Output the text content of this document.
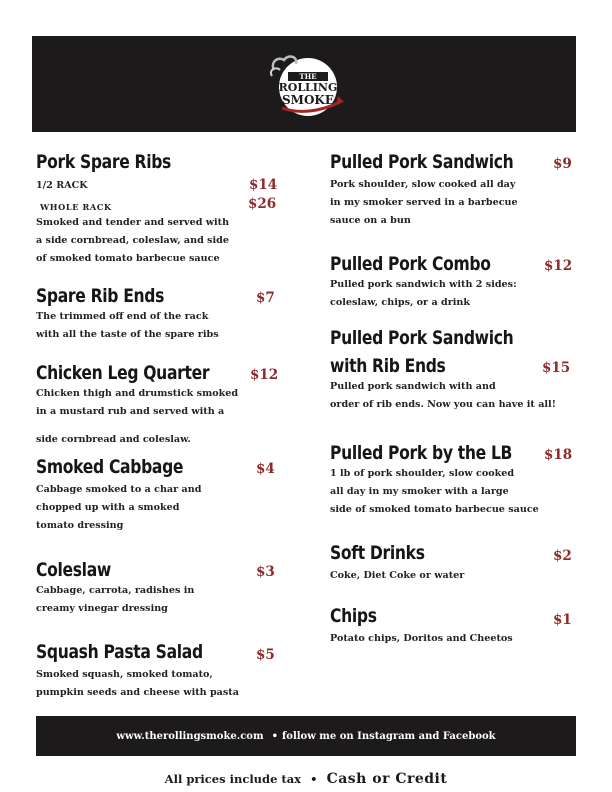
THE
ROLLING
SMOKE
Pork Spare Ribs
1/2 RACK	$14
WHOLE RACK	$26
Smoked and tender and served with
a side cornbread, coleslaw, and side
of smoked tomato barbecue sauce
Spare Rib Ends	$7
The trimmed off end of the rack
with all the taste of the spare ribs
Chicken Leg Quarter	$12
Chicken thigh and drumstick smoked
in a mustard rub and served with a
side cornbread and coleslaw.
Smoked Cabbage	$4
Cabbage smoked to a char and
chopped up with a smoked
tomato dressing
Coleslaw	$3
Cabbage, carrota, radishes in
creamy vinegar dressing
Squash Pasta Salad	$5
Smoked squash, smoked tomato,
pumpkin seeds and cheese with pasta
Pulled Pork Sandwich	$9
Pork shoulder, slow cooked all day
in my smoker served in a barbecue
sauce on a bun
Pulled Pork Combo	$12
Pulled pork sandwich with 2 sides:
coleslaw, chips, or a drink
Pulled Pork Sandwich
with Rib Ends	$15
Pulled pork sandwich with and
order of rib ends. Now you can have it all!
Pulled Pork by the LB	$18
1 lb of pork shoulder, slow cooked
all day in my smoker with a large
side of smoked tomato barbecue sauce
Soft Drinks	$2
Coke, Diet Coke or water
Chips	$1
Potato chips, Doritos and Cheetos
www.therollingsmoke.com • follow me on Instagram and Facebook
All prices include tax • Cash or Credit
